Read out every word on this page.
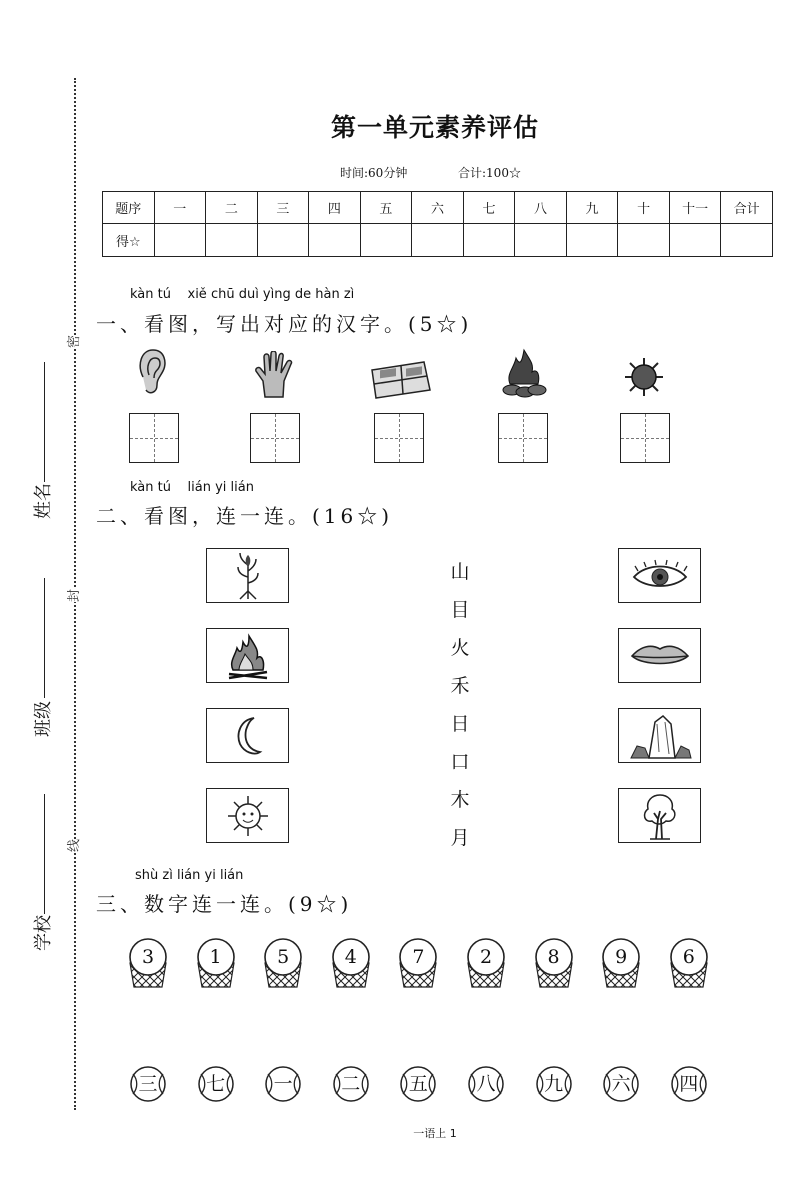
密
封
线
姓名
班级
学校
第一单元素养评估
时间:60分钟	合计:100☆
题序	一	二	三	四	五	六	七	八	九	十	十一	合计
得☆												
kàn tú    xiě chū duì yìng de hàn zì
一、看图，写出对应的汉字。(5☆)
kàn tú    lián yi lián
二、看图，连一连。(16☆)
山
目
火
禾
日
口
木
月
shù zì lián yi lián
三、数字连一连。(9☆)
3	1	5	4	7	2	8	9	6
三	七	一	二	五	八	九	六	四
一语上 1
